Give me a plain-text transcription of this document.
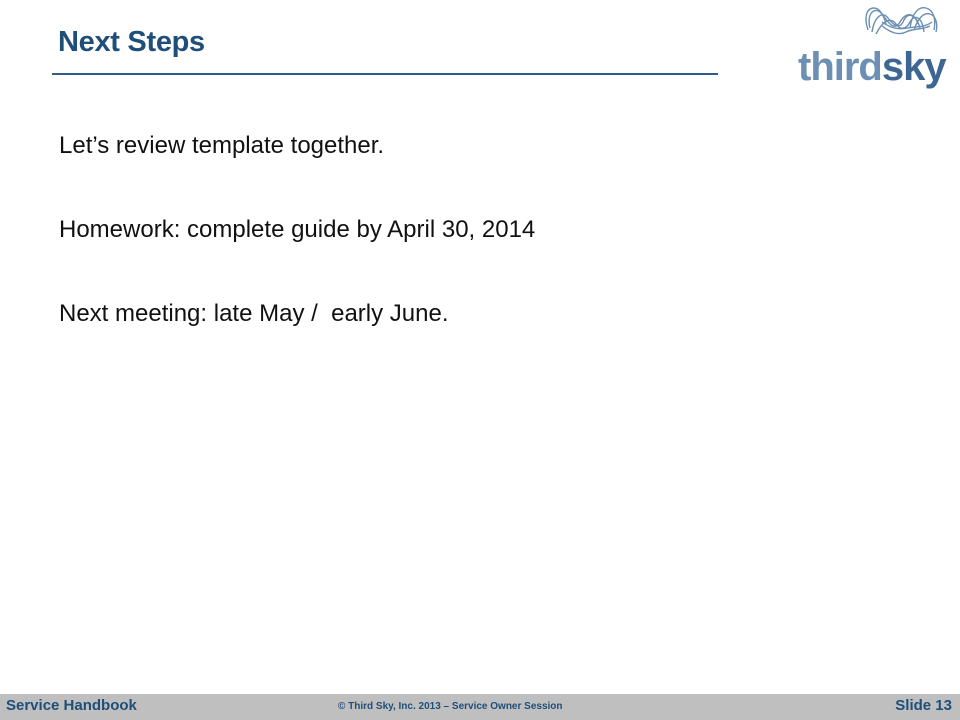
Next Steps
thirdsky
Let’s review template together.
Homework: complete guide by April 30, 2014
Next meeting: late May /  early June.
Service Handbook	© Third Sky, Inc. 2013 – Service Owner Session	Slide 13
